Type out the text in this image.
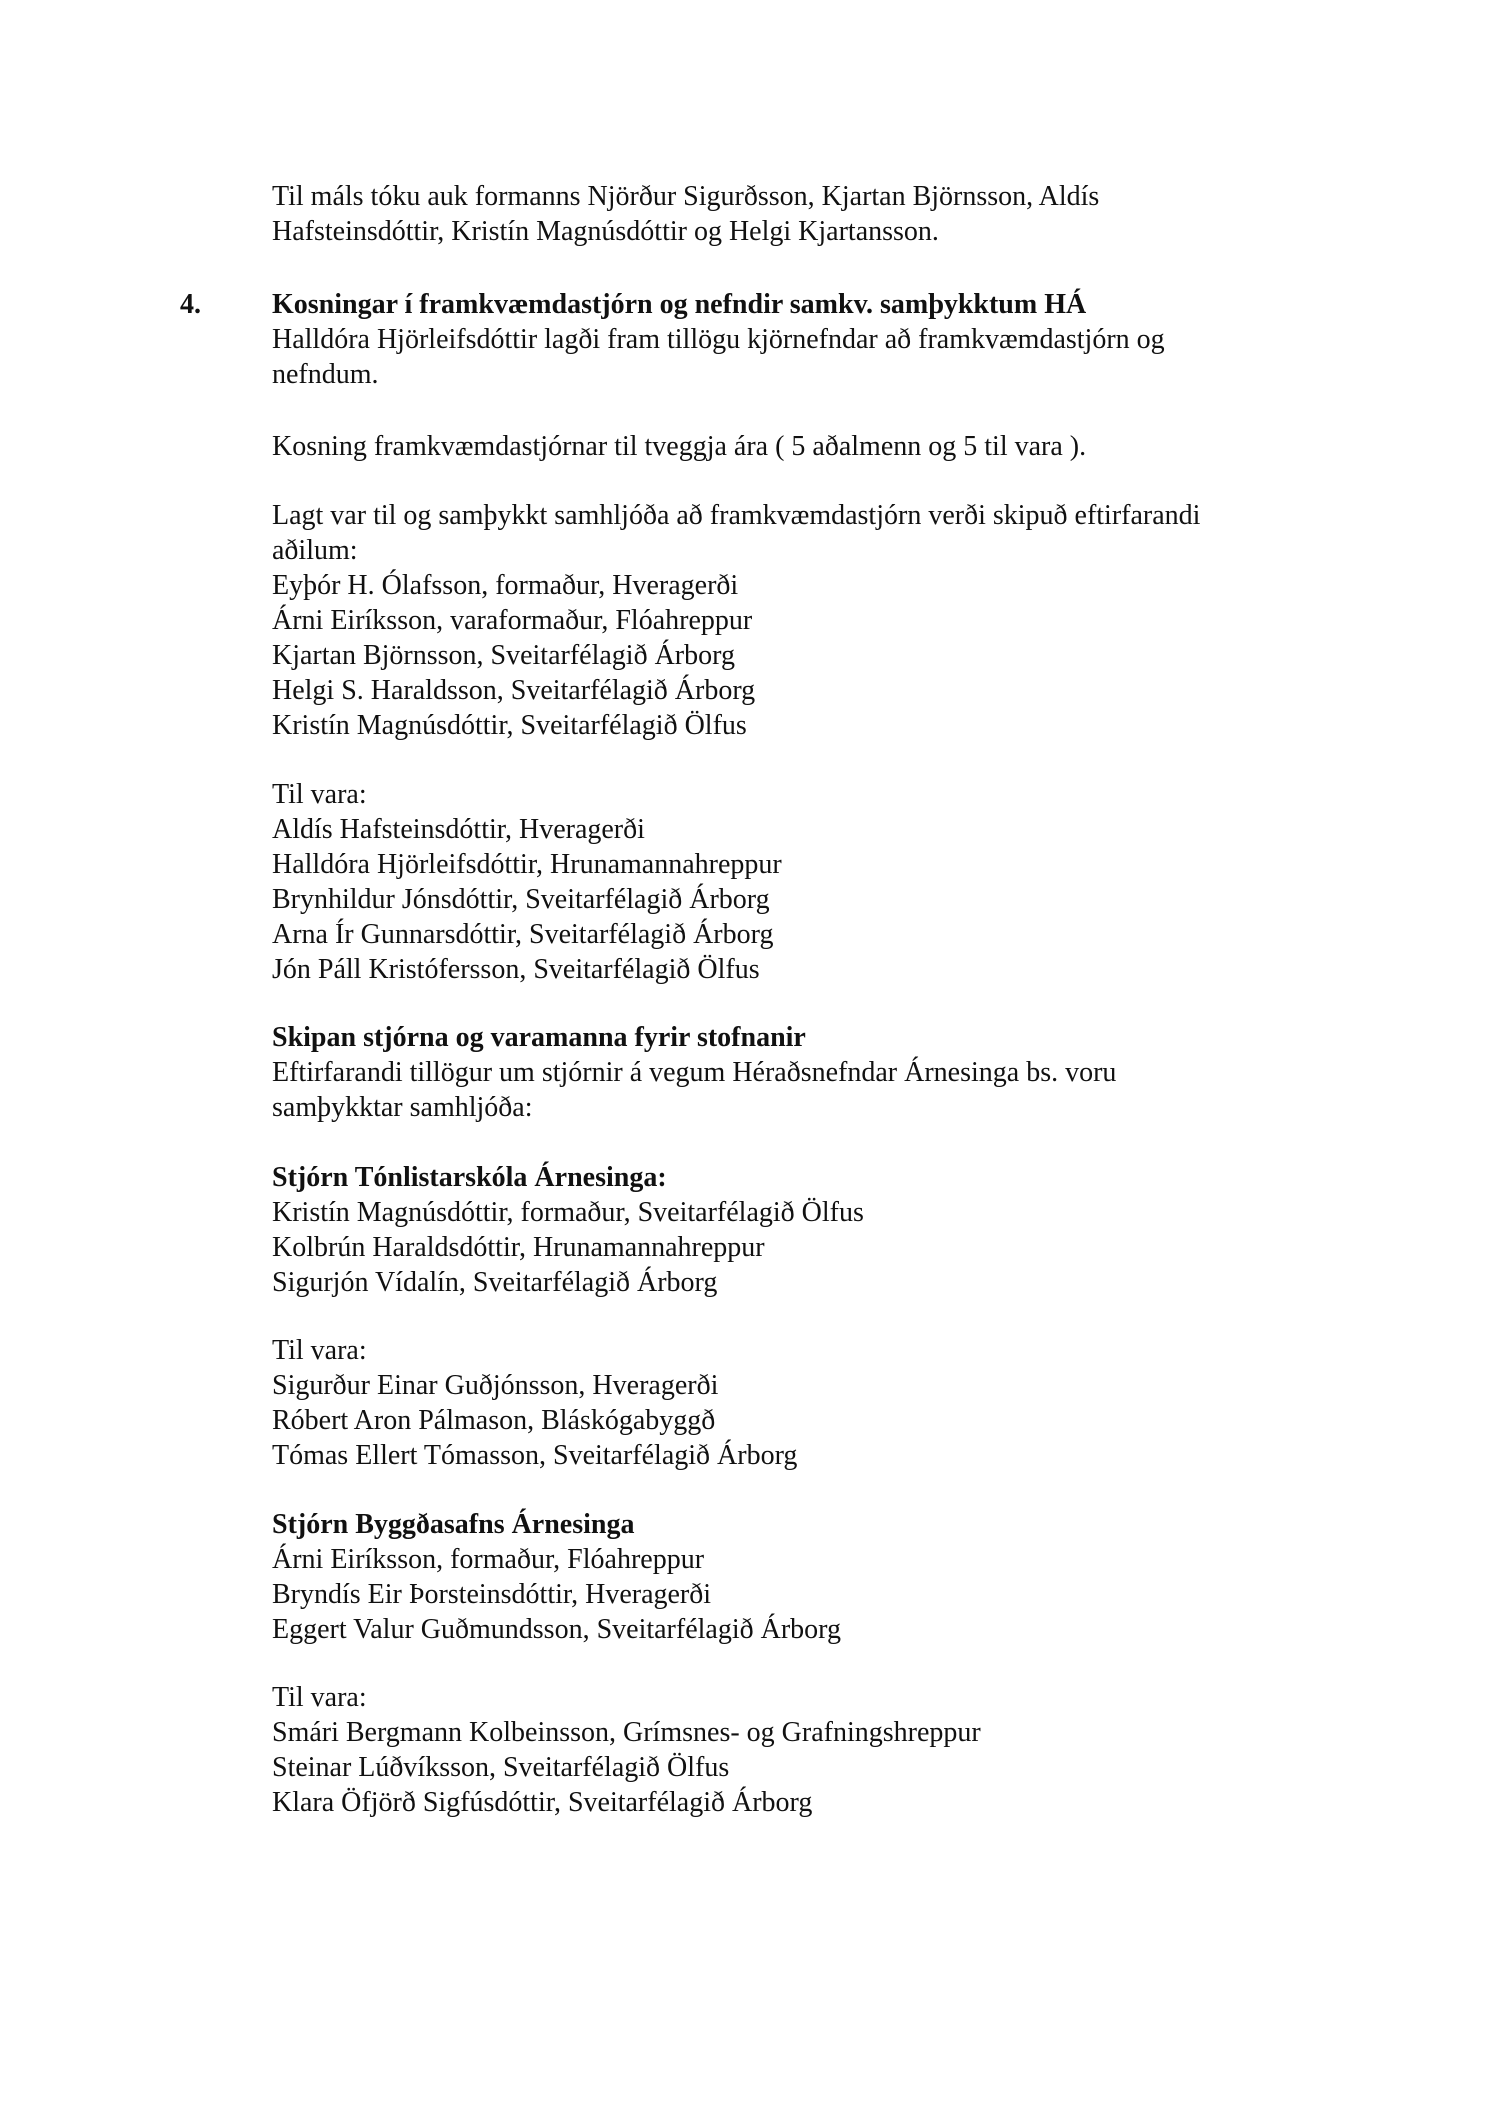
Til máls tóku auk formanns Njörður Sigurðsson, Kjartan Björnsson, Aldís
Hafsteinsdóttir, Kristín Magnúsdóttir og Helgi Kjartansson.
4.	Kosningar í framkvæmdastjórn og nefndir samkv. samþykktum HÁ
Halldóra Hjörleifsdóttir lagði fram tillögu kjörnefndar að framkvæmdastjórn og
nefndum.
Kosning framkvæmdastjórnar til tveggja ára ( 5 aðalmenn og 5 til vara ).
Lagt var til og samþykkt samhljóða að framkvæmdastjórn verði skipuð eftirfarandi
aðilum:
Eyþór H. Ólafsson, formaður, Hveragerði
Árni Eiríksson, varaformaður, Flóahreppur
Kjartan Björnsson, Sveitarfélagið Árborg
Helgi S. Haraldsson, Sveitarfélagið Árborg
Kristín Magnúsdóttir, Sveitarfélagið Ölfus
Til vara:
Aldís Hafsteinsdóttir, Hveragerði
Halldóra Hjörleifsdóttir, Hrunamannahreppur
Brynhildur Jónsdóttir, Sveitarfélagið Árborg
Arna Ír Gunnarsdóttir, Sveitarfélagið Árborg
Jón Páll Kristófersson, Sveitarfélagið Ölfus
Skipan stjórna og varamanna fyrir stofnanir
Eftirfarandi tillögur um stjórnir á vegum Héraðsnefndar Árnesinga bs. voru
samþykktar samhljóða:
Stjórn Tónlistarskóla Árnesinga:
Kristín Magnúsdóttir, formaður, Sveitarfélagið Ölfus
Kolbrún Haraldsdóttir, Hrunamannahreppur
Sigurjón Vídalín, Sveitarfélagið Árborg
Til vara:
Sigurður Einar Guðjónsson, Hveragerði
Róbert Aron Pálmason, Bláskógabyggð
Tómas Ellert Tómasson, Sveitarfélagið Árborg
Stjórn Byggðasafns Árnesinga
Árni Eiríksson, formaður, Flóahreppur
Bryndís Eir Þorsteinsdóttir, Hveragerði
Eggert Valur Guðmundsson, Sveitarfélagið Árborg
Til vara:
Smári Bergmann Kolbeinsson, Grímsnes- og Grafningshreppur
Steinar Lúðvíksson, Sveitarfélagið Ölfus
Klara Öfjörð Sigfúsdóttir, Sveitarfélagið Árborg
